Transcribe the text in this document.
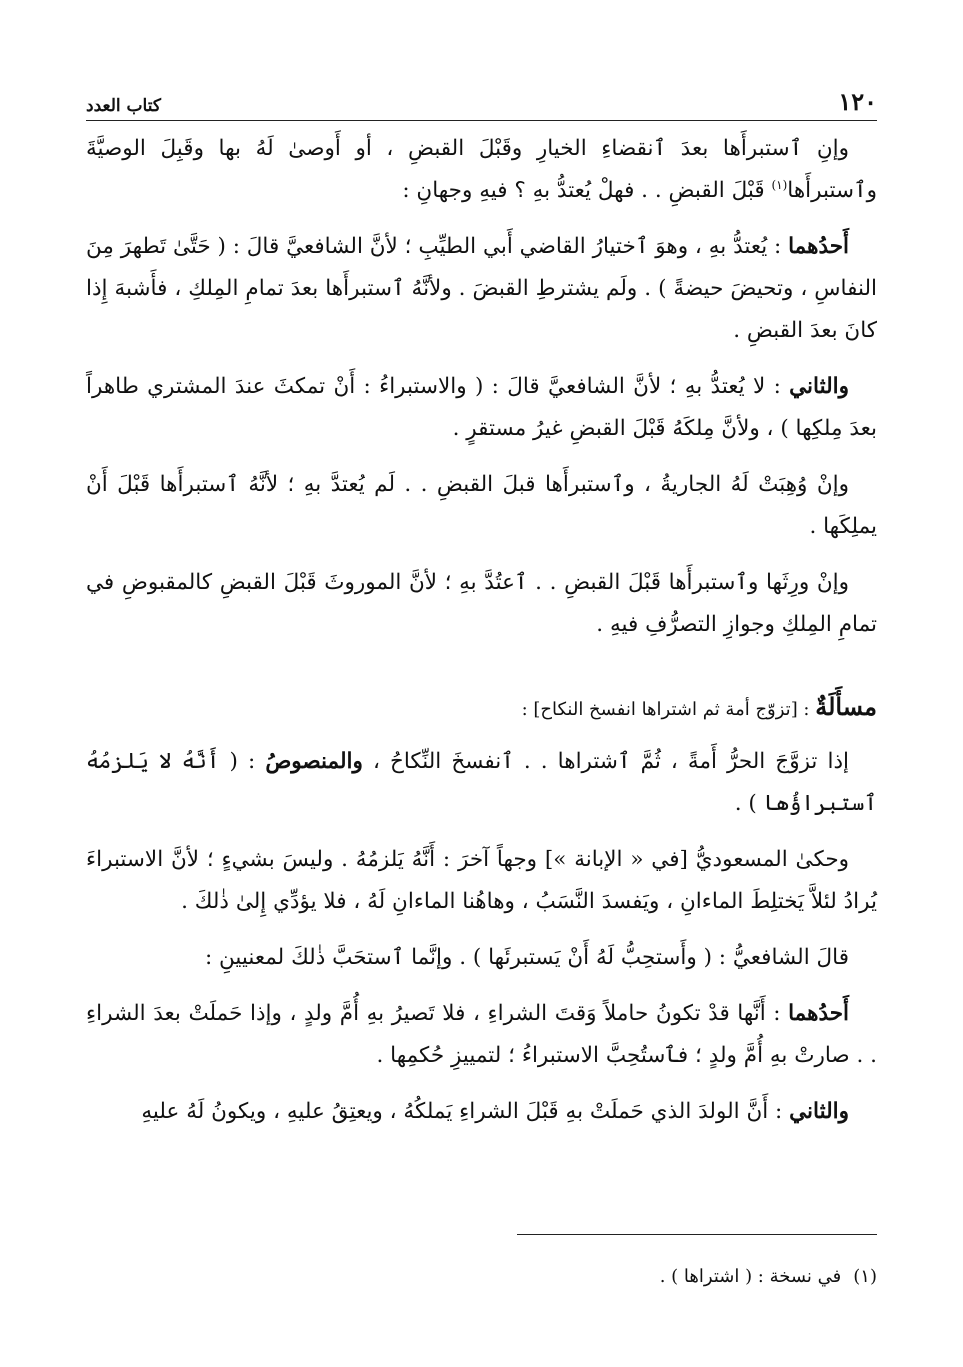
١٢٠
كتاب العدد

وإنِ ٱستبرأَها بعدَ ٱنقضاءِ الخيارِ وقَبْلَ القبضِ ، أو أَوصىٰ لَهُ بها وقَبِلَ الوصيَّةَ وٱستبرأَها$^{(١)}$ قَبْلَ القبضِ . . فهلْ يُعتدُّ بهِ ؟ فيهِ وجهانِ :

أَحدُهما : يُعتدُّ بهِ ، وهوَ ٱختيارُ القاضي أَبي الطيِّبِ ؛ لأنَّ الشافعيَّ قالَ : ( حَتَّىٰ تَطهرَ مِنَ النفاسِ ، وتحيضَ حيضةً ) . ولَم يشترطِ القبضَ . ولأنَّهُ ٱستبرأَها بعدَ تمامِ المِلكِ ، فأَشبهَ إِذا كانَ بعدَ القبضِ .

والثاني : لا يُعتدُّ بهِ ؛ لأنَّ الشافعيَّ قالَ : ( والاستبراءُ : أَنْ تمكثَ عندَ المشتري طاهراً بعدَ مِلكِها ) ، ولأنَّ مِلكَهُ قَبْلَ القبضِ غيرُ مستقرٍ .

وإنْ وُهِبَتْ لَهُ الجاريةُ ، وٱستبرأَها قبلَ القبضِ . . لَم يُعتدَّ بهِ ؛ لأنَّهُ ٱستبرأَها قَبْلَ أَنْ يملِكَها .

وإنْ ورِثَها وٱستبرأَها قَبْلَ القبضِ . . ٱعتُدَّ بهِ ؛ لأنَّ الموروثَ قَبْلَ القبضِ كالمقبوضِ في تمامِ المِلكِ وجوازِ التصرُّفِ فيهِ .

مسأَلَةٌ : [تزوّج أمة ثم اشتراها انفسخ النكاح] :

إذا تزوَّجَ الحرُّ أَمةً ، ثُمَّ ٱشتراها . . ٱنفسخَ النِّكاحُ ، والمنصوصُ : ( أَنَّهُ لا يَلزمُهُ ٱستبراؤُها ) .

وحكىٰ المسعوديُّ [في « الإبانة »] وجهاً آخرَ : أَنَّهُ يَلزمُهُ . وليسَ بشيءٍ ؛ لأنَّ الاستبراءَ يُرادُ لئلاَّ يَختلِطَ الماءانِ ، ويَفسدَ النَّسَبُ ، وهاهُنا الماءانِ لَهُ ، فلا يؤدِّي إِلىٰ ذٰلكَ .

قالَ الشافعيُّ : ( وأَستحِبُّ لَهُ أَنْ يَستبرئَها ) . وإنَّما ٱستحَبَّ ذٰلكَ لمعنيينِ :

أَحدُهما : أَنَّها قدْ تكونُ حاملاً وَقتَ الشراءِ ، فلا تَصيرُ بهِ أُمَّ ولدٍ ، وإذا حَملَتْ بعدَ الشراءِ . . صارتْ بهِ أُمَّ ولدٍ ؛ فٱستُحِبَّ الاستبراءُ ؛ لتمييزِ حُكمِها .

والثاني : أَنَّ الولدَ الذي حَملَتْ بهِ قَبْلَ الشراءِ يَملكُهُ ، ويعتِقُ عليهِ ، ويكونُ لَهُ عليهِ

(١)في نسخة : ( اشتراها ) .
